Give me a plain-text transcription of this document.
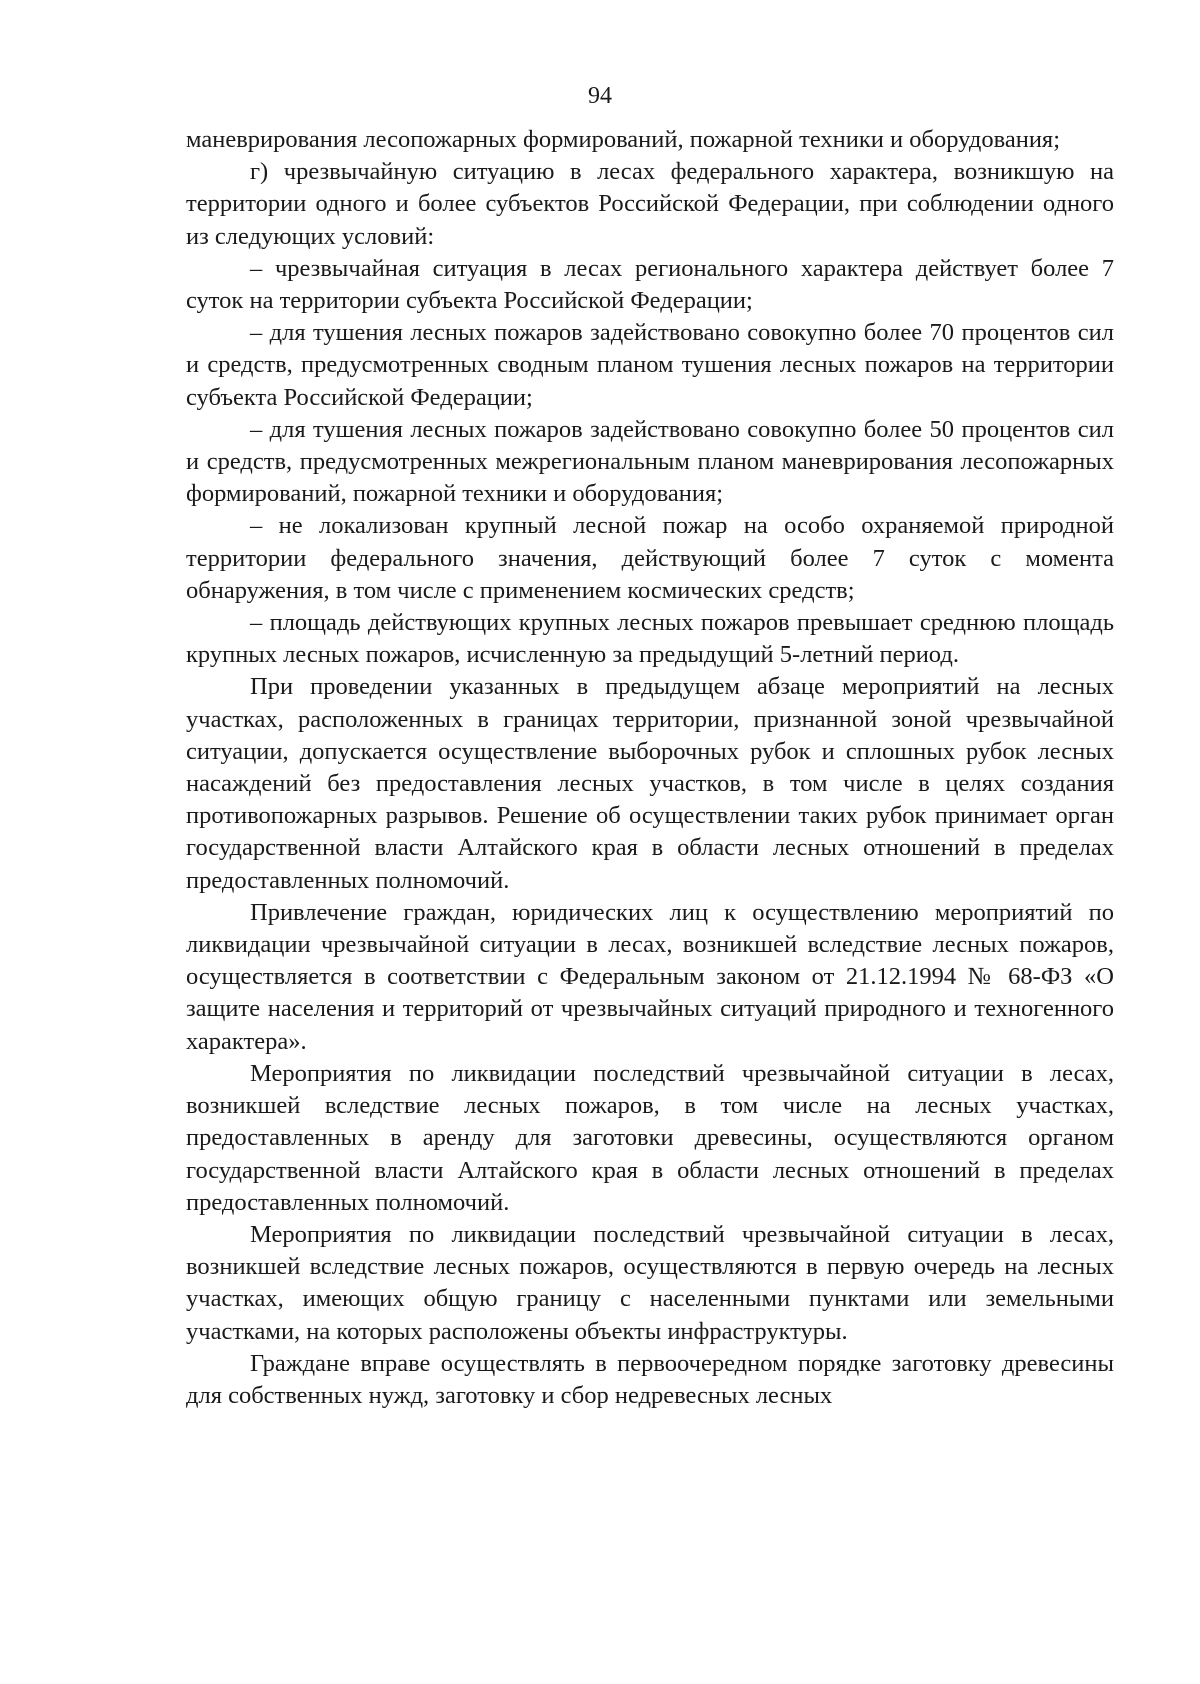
94

маневрирования лесопожарных формирований, пожарной техники и оборудования;

г) чрезвычайную ситуацию в лесах федерального характера, возникшую на территории одного и более субъектов Российской Федерации, при соблюдении одного из следующих условий:

– чрезвычайная ситуация в лесах регионального характера действует более 7 суток на территории субъекта Российской Федерации;

– для тушения лесных пожаров задействовано совокупно более 70 процентов сил и средств, предусмотренных сводным планом тушения лесных пожаров на территории субъекта Российской Федерации;

– для тушения лесных пожаров задействовано совокупно более 50 процентов сил и средств, предусмотренных межрегиональным планом маневрирования лесопожарных формирований, пожарной техники и оборудования;

– не локализован крупный лесной пожар на особо охраняемой природной территории федерального значения, действующий более 7 суток с момента обнаружения, в том числе с применением космических средств;

– площадь действующих крупных лесных пожаров превышает среднюю площадь крупных лесных пожаров, исчисленную за предыдущий 5-летний период.

При проведении указанных в предыдущем абзаце мероприятий на лесных участках, расположенных в границах территории, признанной зоной чрезвычайной ситуации, допускается осуществление выборочных рубок и сплошных рубок лесных насаждений без предоставления лесных участков, в том числе в целях создания противопожарных разрывов. Решение об осуществлении таких рубок принимает орган государственной власти Алтайского края в области лесных отношений в пределах предоставленных полномочий.

Привлечение граждан, юридических лиц к осуществлению мероприятий по ликвидации чрезвычайной ситуации в лесах, возникшей вследствие лесных пожаров, осуществляется в соответствии с Федеральным законом от 21.12.1994 № 68-ФЗ «О защите населения и территорий от чрезвычайных ситуаций природного и техногенного характера».

Мероприятия по ликвидации последствий чрезвычайной ситуации в лесах, возникшей вследствие лесных пожаров, в том числе на лесных участках, предоставленных в аренду для заготовки древесины, осуществляются органом государственной власти Алтайского края в области лесных отношений в пределах предоставленных полномочий.

Мероприятия по ликвидации последствий чрезвычайной ситуации в лесах, возникшей вследствие лесных пожаров, осуществляются в первую очередь на лесных участках, имеющих общую границу с населенными пунктами или земельными участками, на которых расположены объекты инфраструктуры.

Граждане вправе осуществлять в первоочередном порядке заготовку древесины для собственных нужд, заготовку и сбор недревесных лесных
